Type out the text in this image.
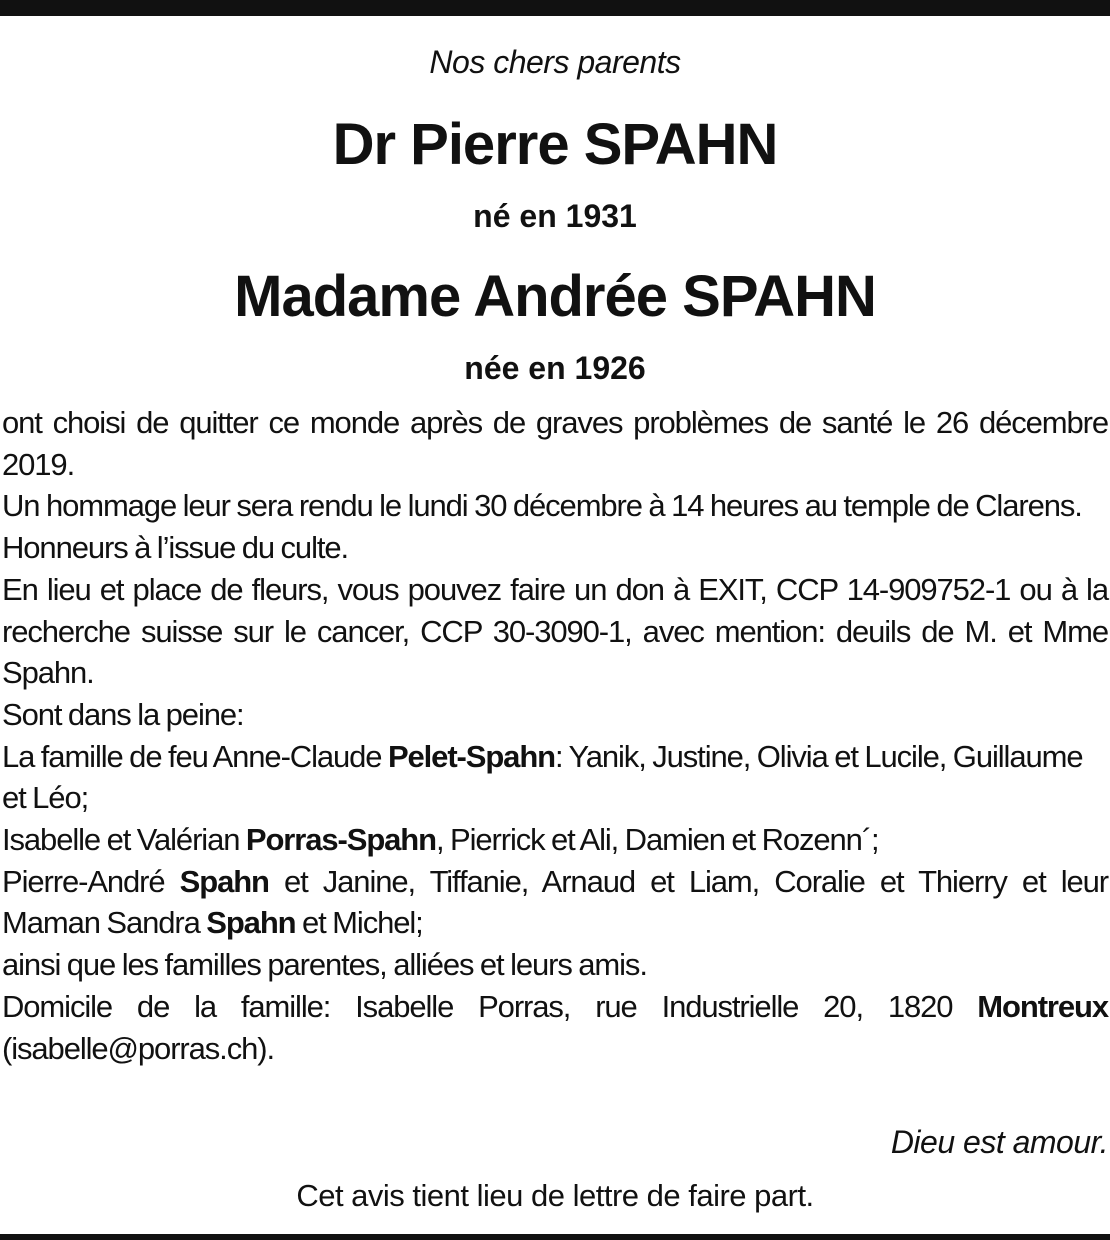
Nos chers parents
Dr Pierre SPAHN
né en 1931
Madame Andrée SPAHN
née en 1926

ont choisi de quitter ce monde après de graves problèmes de santé le 26 décembre 2019.

Un hommage leur sera rendu le lundi 30 décembre à 14 heures au temple de Clarens.

Honneurs à l’issue du culte.

En lieu et place de fleurs, vous pouvez faire un don à EXIT, CCP 14-909752-1 ou à la recherche suisse sur le cancer, CCP 30-3090-1, avec mention: deuils de M. et Mme Spahn.

Sont dans la peine:

La famille de feu Anne-Claude Pelet-Spahn: Yanik, Justine, Olivia et Lucile, Guillaume et Léo;

Isabelle et Valérian Porras-Spahn, Pierrick et Ali, Damien et Rozenn´;

Pierre-André Spahn et Janine, Tiffanie, Arnaud et Liam, Coralie et Thierry et leur Maman Sandra Spahn et Michel;

ainsi que les familles parentes, alliées et leurs amis.

Domicile de la famille: Isabelle Porras, rue Industrielle 20, 1820 Montreux (isabelle@porras.ch).

Dieu est amour.
Cet avis tient lieu de lettre de faire part.
